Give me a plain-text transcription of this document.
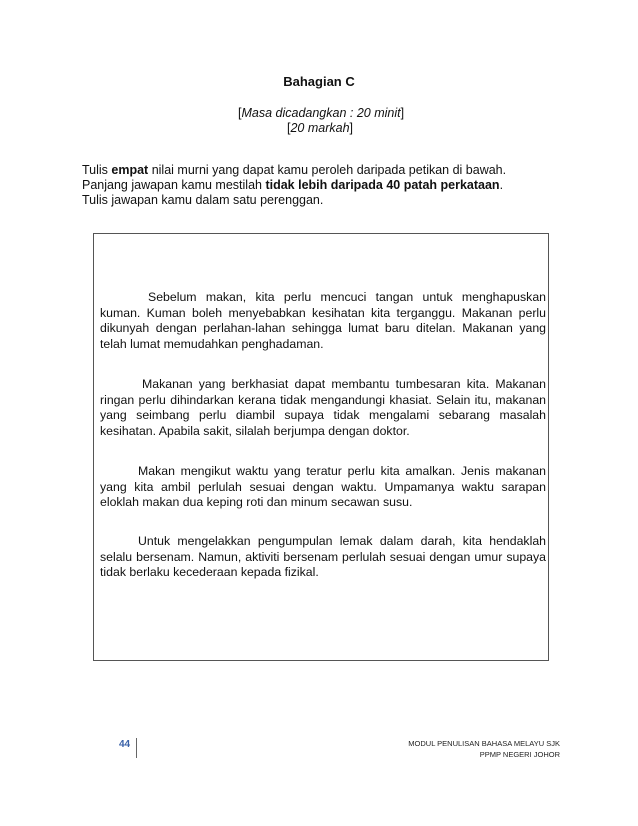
Bahagian C
[Masa dicadangkan : 20 minit]
[20 markah]
Tulis empat nilai murni yang dapat kamu peroleh daripada petikan di bawah.
Panjang jawapan kamu mestilah tidak lebih daripada 40 patah perkataan.
Tulis jawapan kamu dalam satu perenggan.
Sebelum makan, kita perlu mencuci tangan untuk menghapuskan kuman. Kuman boleh menyebabkan kesihatan kita terganggu. Makanan perlu dikunyah dengan perlahan-lahan sehingga lumat baru ditelan. Makanan yang telah lumat memudahkan penghadaman.
Makanan yang berkhasiat dapat membantu tumbesaran kita. Makanan ringan perlu dihindarkan kerana tidak mengandungi khasiat. Selain itu, makanan yang seimbang perlu diambil supaya tidak mengalami sebarang masalah kesihatan. Apabila sakit, silalah berjumpa dengan doktor.
Makan mengikut waktu yang teratur perlu kita amalkan. Jenis makanan yang kita ambil perlulah sesuai dengan waktu. Umpamanya waktu sarapan eloklah makan dua keping roti dan minum secawan susu.
Untuk mengelakkan pengumpulan lemak dalam darah, kita hendaklah selalu bersenam. Namun, aktiviti bersenam perlulah sesuai dengan umur supaya tidak berlaku kecederaan kepada fizikal.
44	MODUL PENULISAN BAHASA MELAYU SJK
PPMP NEGERI JOHOR
